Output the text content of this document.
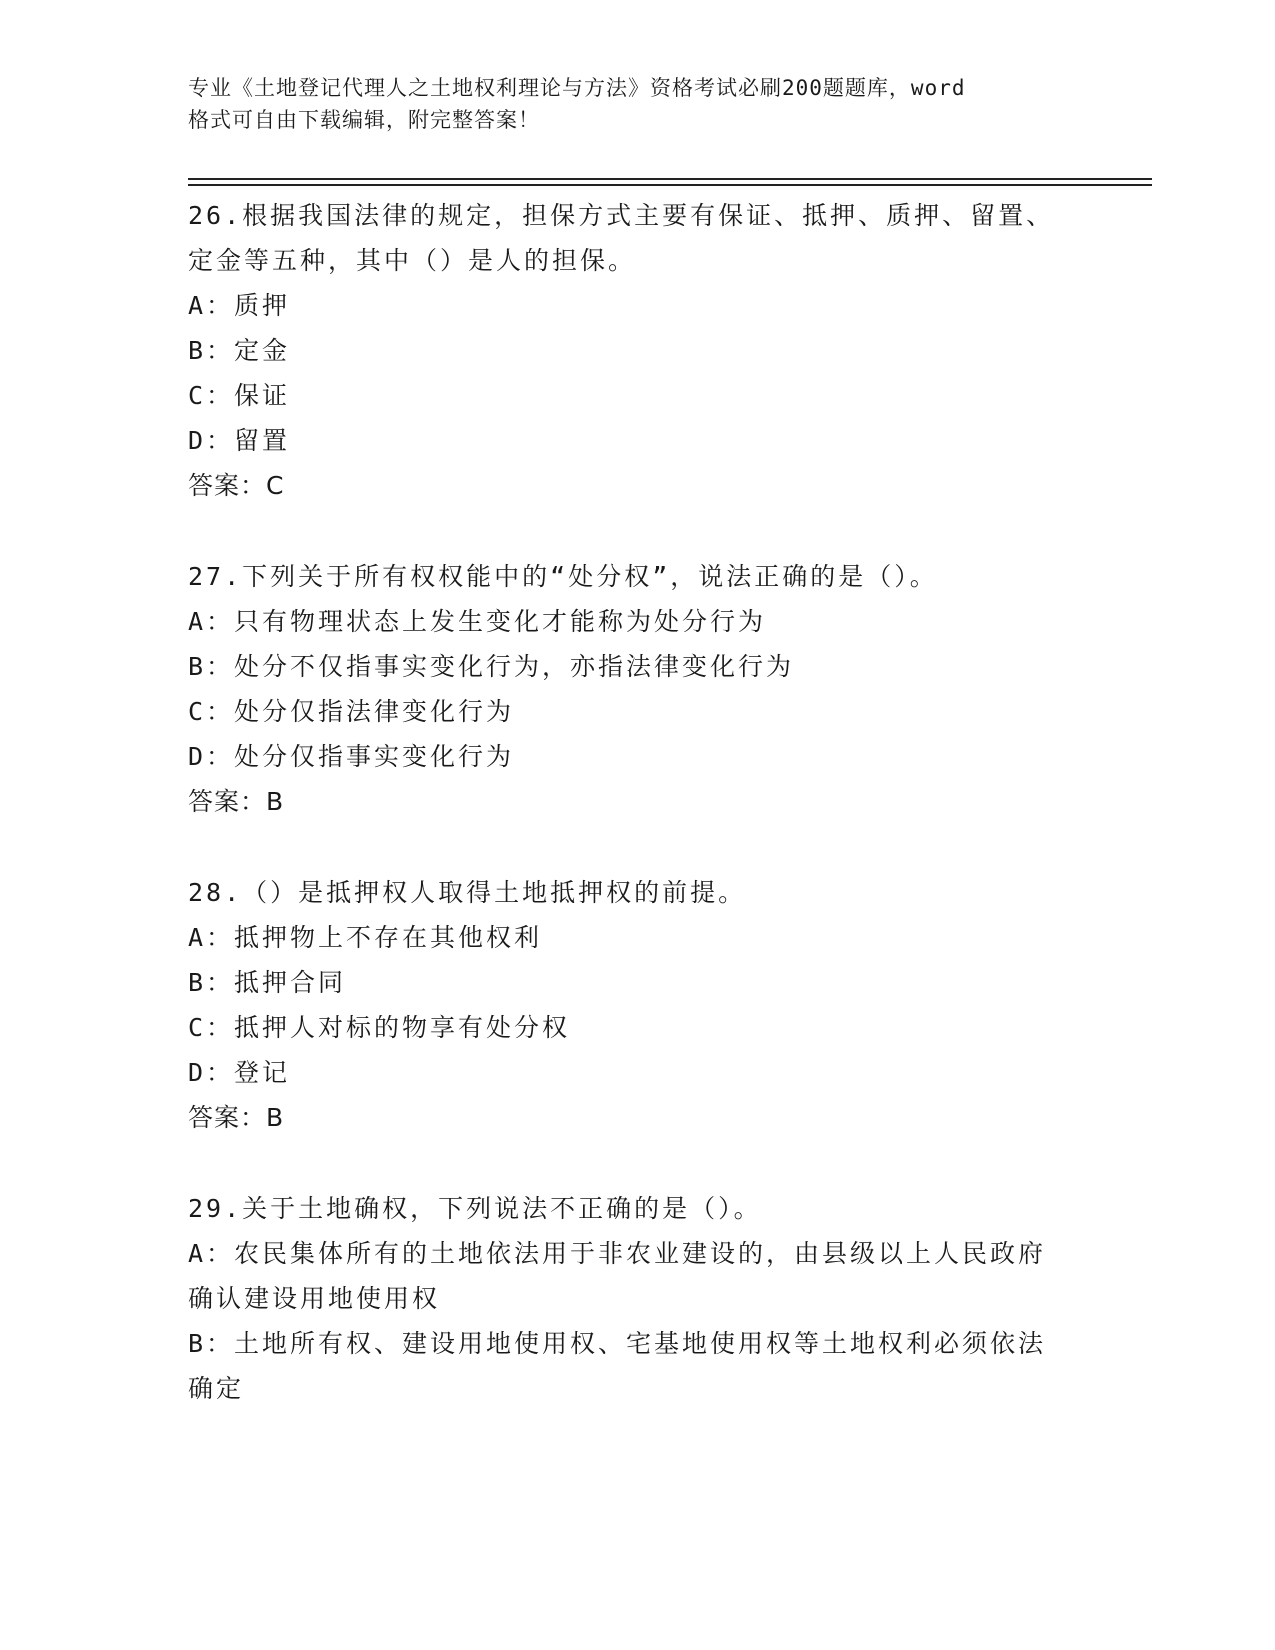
专业《土地登记代理人之土地权利理论与方法》资格考试必刷200题题库，word
格式可自由下载编辑，附完整答案！
26.根据我国法律的规定，担保方式主要有保证、抵押、质押、留置、
定金等五种，其中（）是人的担保。
A：质押
B：定金
C：保证
D：留置
答案：C
27.下列关于所有权权能中的“处分权”，说法正确的是（）。
A：只有物理状态上发生变化才能称为处分行为
B：处分不仅指事实变化行为，亦指法律变化行为
C：处分仅指法律变化行为
D：处分仅指事实变化行为
答案：B
28.（）是抵押权人取得土地抵押权的前提。
A：抵押物上不存在其他权利
B：抵押合同
C：抵押人对标的物享有处分权
D：登记
答案：B
29.关于土地确权，下列说法不正确的是（）。
A：农民集体所有的土地依法用于非农业建设的，由县级以上人民政府
确认建设用地使用权
B：土地所有权、建设用地使用权、宅基地使用权等土地权利必须依法
确定
